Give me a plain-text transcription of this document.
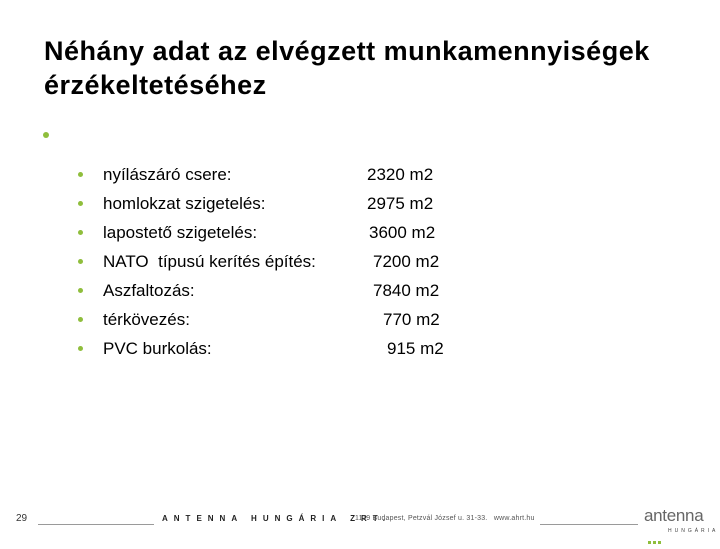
Néhány adat az elvégzett munkamennyiségek érzékeltetéséhez
nyílászáró csere:	2320 m2
homlokzat szigetelés:	2975 m2
lapostető szigetelés:	3600 m2
NATO  típusú kerítés építés:	7200 m2
Aszfaltozás:	7840 m2
térkövezés:	770 m2
PVC burkolás:	915 m2
29	ANTENNA HUNGÁRIA ZRT.
1119 Budapest, Petzvál József u. 31-33.   www.ahrt.hu	antenna
HUNGÁRIA
